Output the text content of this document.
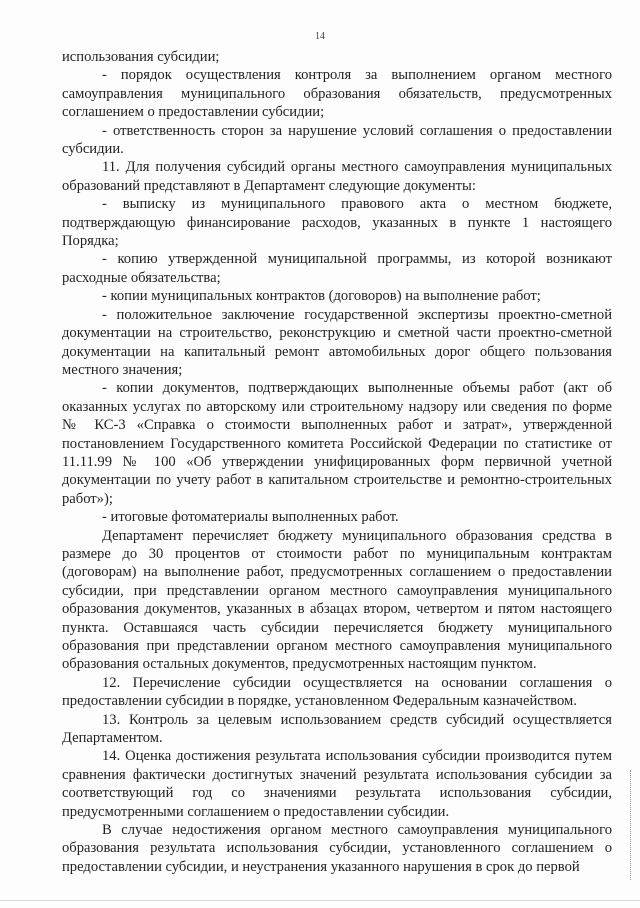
14

использования субсидии;

- порядок осуществления контроля за выполнением органом местного самоуправления муниципального образования обязательств, предусмотренных соглашением о предоставлении субсидии;

- ответственность сторон за нарушение условий соглашения о предоставлении субсидии.

11. Для получения субсидий органы местного самоуправления муниципальных образований представляют в Департамент следующие документы:

- выписку из муниципального правового акта о местном бюджете, подтверждающую финансирование расходов, указанных в пункте 1 настоящего Порядка;

- копию утвержденной муниципальной программы, из которой возникают расходные обязательства;

- копии муниципальных контрактов (договоров) на выполнение работ;

- положительное заключение государственной экспертизы проектно-сметной документации на строительство, реконструкцию и сметной части проектно-сметной документации на капитальный ремонт автомобильных дорог общего пользования местного значения;

- копии документов, подтверждающих выполненные объемы работ (акт об оказанных услугах по авторскому или строительному надзору или сведения по форме № КС-3 «Справка о стоимости выполненных работ и затрат», утвержденной постановлением Государственного комитета Российской Федерации по статистике от 11.11.99 № 100 «Об утверждении унифицированных форм первичной учетной документации по учету работ в капитальном строительстве и ремонтно-строительных работ»);

- итоговые фотоматериалы выполненных работ.

Департамент перечисляет бюджету муниципального образования средства в размере до 30 процентов от стоимости работ по муниципальным контрактам (договорам) на выполнение работ, предусмотренных соглашением о предоставлении субсидии, при представлении органом местного самоуправления муниципального образования документов, указанных в абзацах втором, четвертом и пятом настоящего пункта. Оставшаяся часть субсидии перечисляется бюджету муниципального образования при представлении органом местного самоуправления муниципального образования остальных документов, предусмотренных настоящим пунктом.

12. Перечисление субсидии осуществляется на основании соглашения о предоставлении субсидии в порядке, установленном Федеральным казначейством.

13. Контроль за целевым использованием средств субсидий осуществляется Департаментом.

14. Оценка достижения результата использования субсидии производится путем сравнения фактически достигнутых значений результата использования субсидии за соответствующий год со значениями результата использования субсидии, предусмотренными соглашением о предоставлении субсидии.

В случае недостижения органом местного самоуправления муниципального образования результата использования субсидии, установленного соглашением о предоставлении субсидии, и неустранения указанного нарушения в срок до первой
